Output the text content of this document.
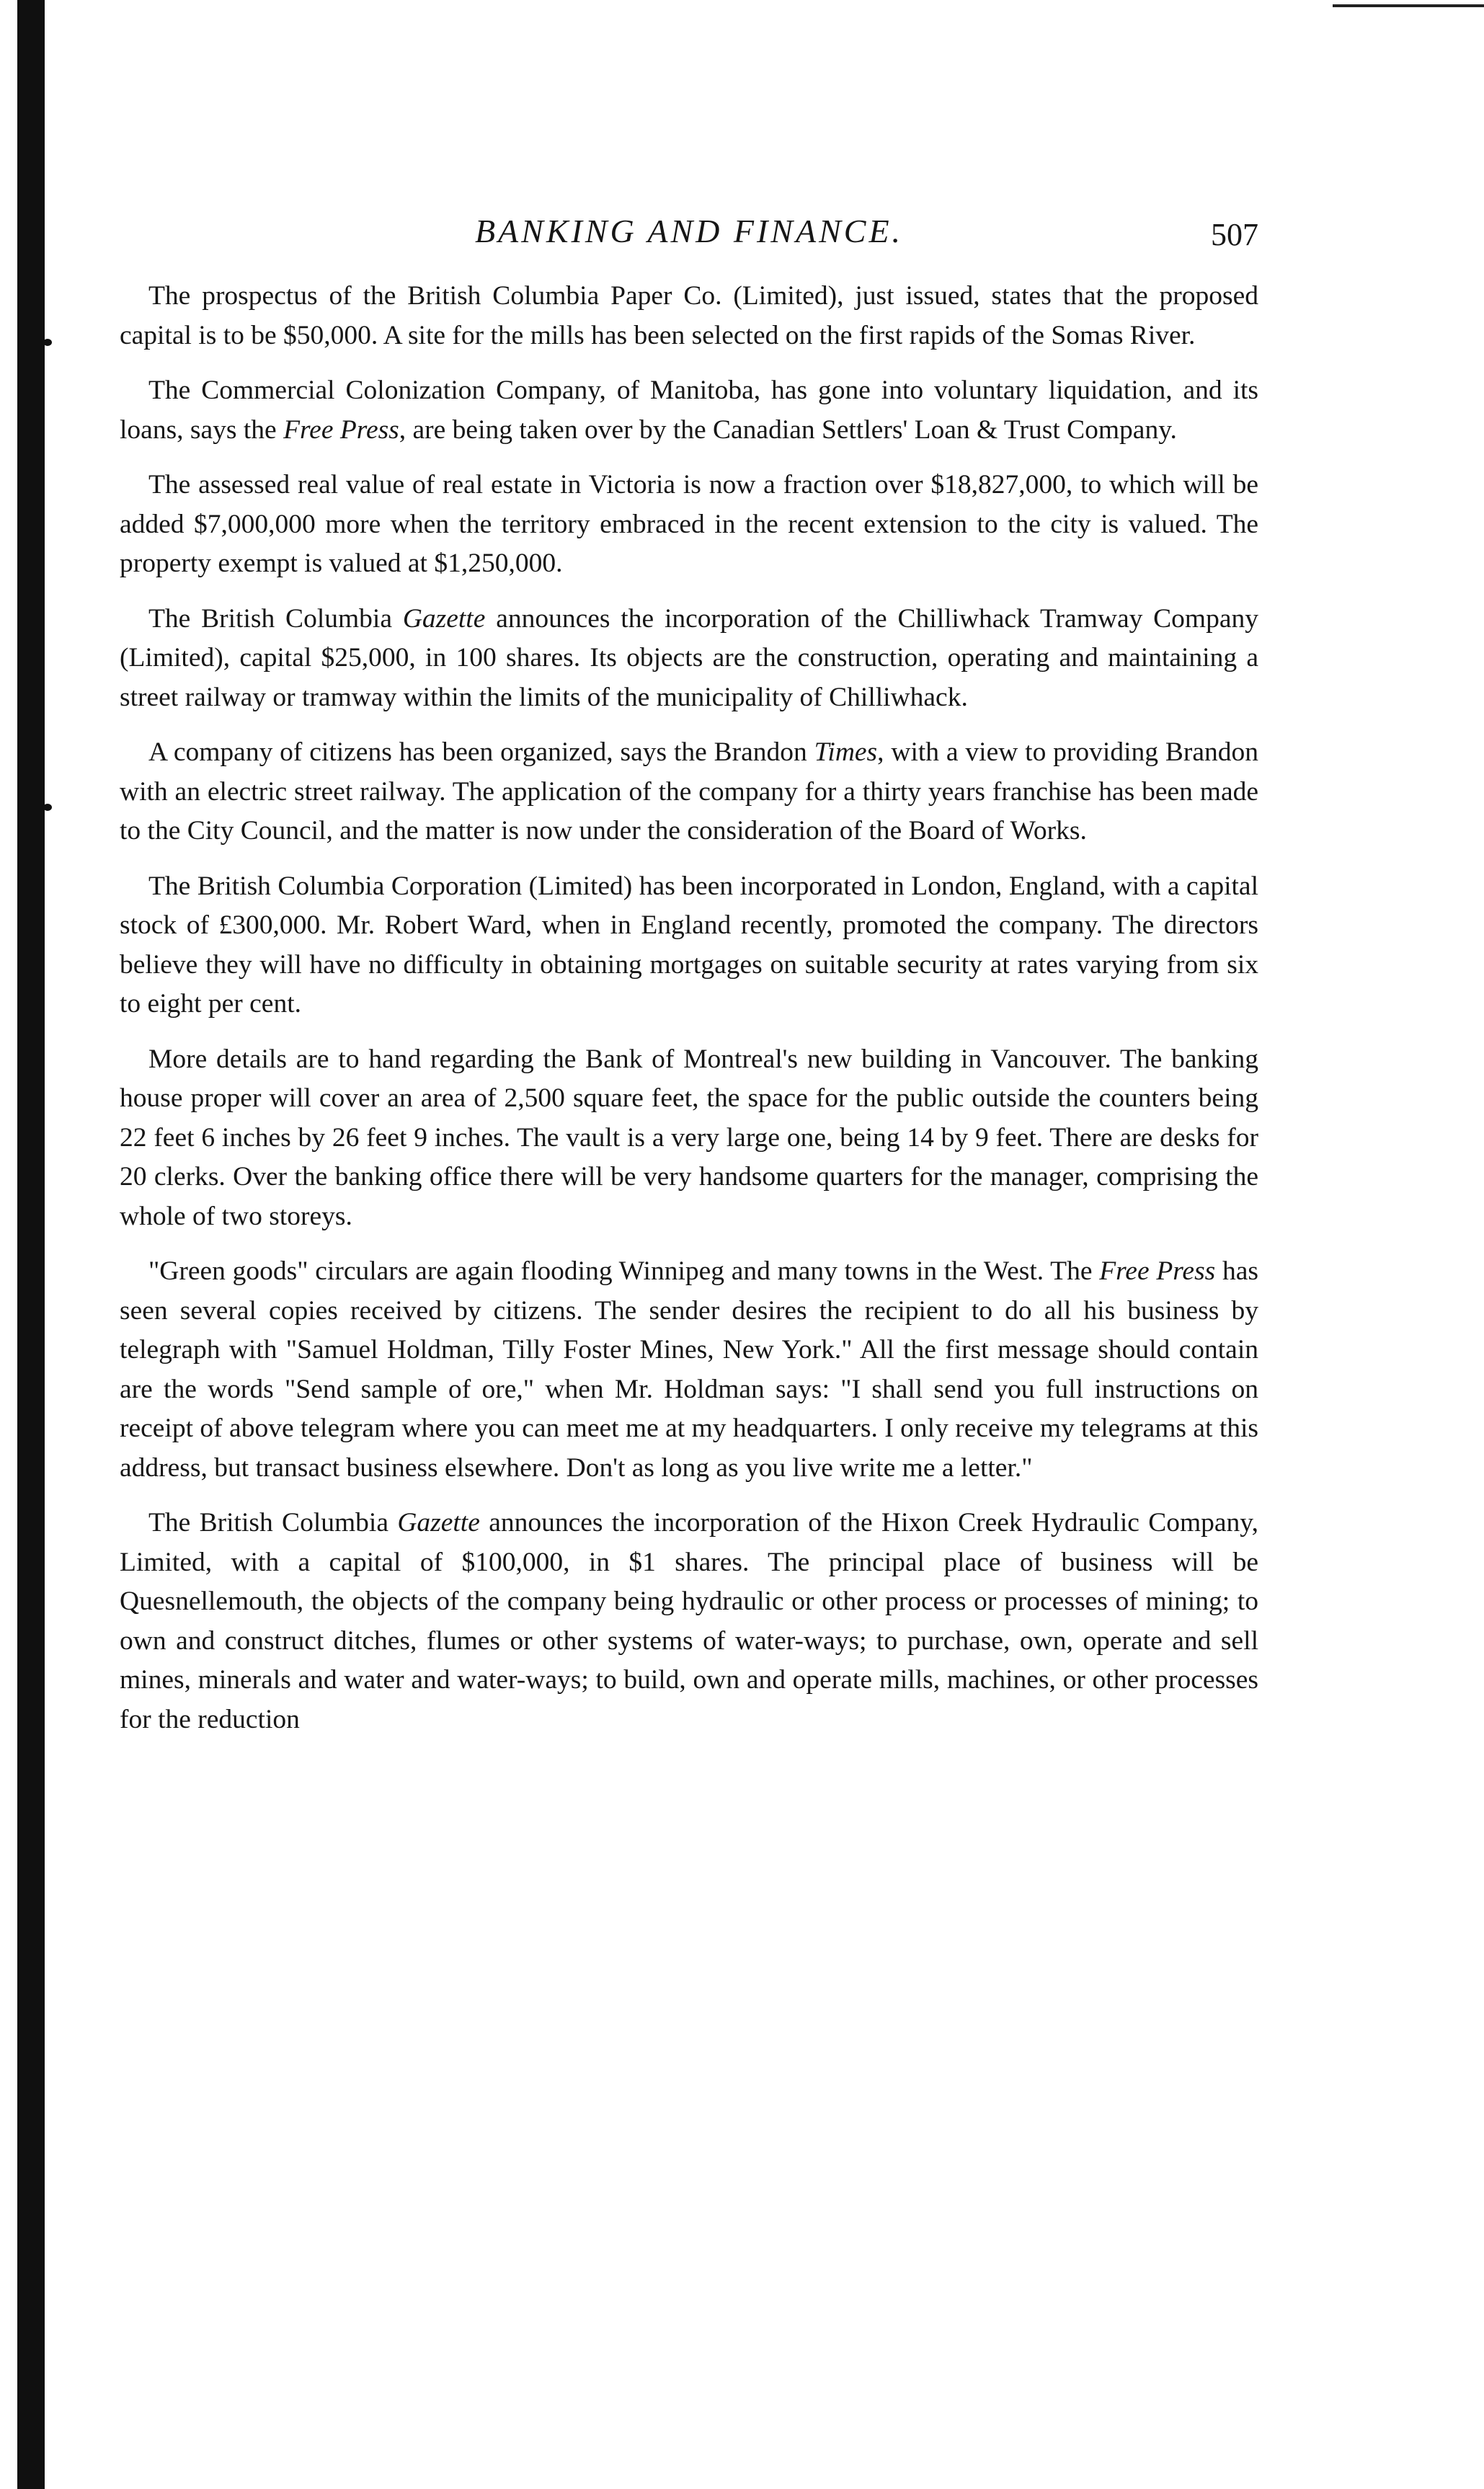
BANKING AND FINANCE.	507

The prospectus of the British Columbia Paper Co. (Limited), just issued, states that the proposed capital is to be $50,000. A site for the mills has been selected on the first rapids of the Somas River.

The Commercial Colonization Company, of Manitoba, has gone into voluntary liquidation, and its loans, says the Free Press, are being taken over by the Canadian Settlers' Loan & Trust Company.

The assessed real value of real estate in Victoria is now a fraction over $18,827,000, to which will be added $7,000,000 more when the territory embraced in the recent extension to the city is valued. The property exempt is valued at $1,250,000.

The British Columbia Gazette announces the incorporation of the Chilliwhack Tramway Company (Limited), capital $25,000, in 100 shares. Its objects are the construction, operating and maintaining a street railway or tramway within the limits of the municipality of Chilliwhack.

A company of citizens has been organized, says the Brandon Times, with a view to providing Brandon with an electric street railway. The application of the company for a thirty years franchise has been made to the City Council, and the matter is now under the consideration of the Board of Works.

The British Columbia Corporation (Limited) has been incorporated in London, England, with a capital stock of £300,000. Mr. Robert Ward, when in England recently, promoted the company. The directors believe they will have no difficulty in obtaining mortgages on suitable security at rates varying from six to eight per cent.

More details are to hand regarding the Bank of Montreal's new building in Vancouver. The banking house proper will cover an area of 2,500 square feet, the space for the public outside the counters being 22 feet 6 inches by 26 feet 9 inches. The vault is a very large one, being 14 by 9 feet. There are desks for 20 clerks. Over the banking office there will be very handsome quarters for the manager, comprising the whole of two storeys.

"Green goods" circulars are again flooding Winnipeg and many towns in the West. The Free Press has seen several copies received by citizens. The sender desires the recipient to do all his business by telegraph with "Samuel Holdman, Tilly Foster Mines, New York." All the first message should contain are the words "Send sample of ore," when Mr. Holdman says: "I shall send you full instructions on receipt of above telegram where you can meet me at my headquarters. I only receive my telegrams at this address, but transact business elsewhere. Don't as long as you live write me a letter."

The British Columbia Gazette announces the incorporation of the Hixon Creek Hydraulic Company, Limited, with a capital of $100,000, in $1 shares. The principal place of business will be Quesnellemouth, the objects of the company being hydraulic or other process or processes of mining; to own and construct ditches, flumes or other systems of water-ways; to purchase, own, operate and sell mines, minerals and water and water-ways; to build, own and operate mills, machines, or other processes for the reduction
